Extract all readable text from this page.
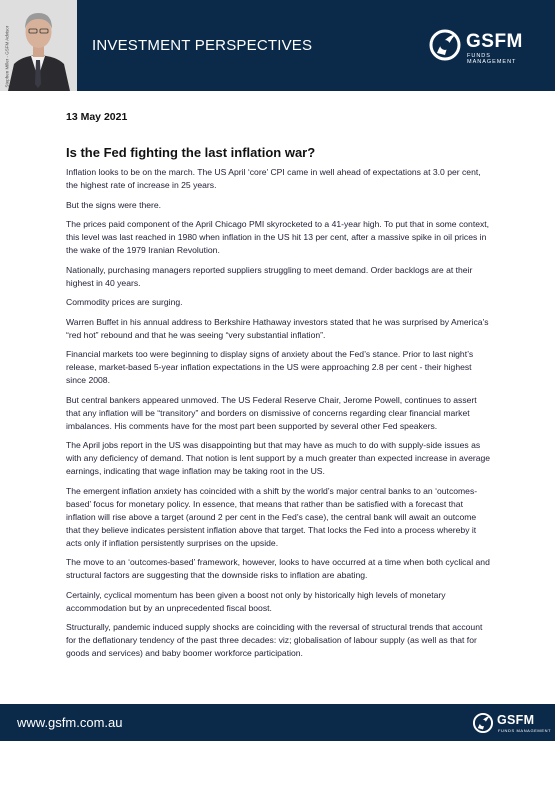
Stephen Miller - GSFM Advisor	INVESTMENT PERSPECTIVES	GSFM
FUNDS MANAGEMENT
13 May 2021
Is the Fed fighting the last inflation war?

Inflation looks to be on the march. The US April ‘core’ CPI came in well ahead of expectations at 3.0 per cent, the highest rate of increase in 25 years.

But the signs were there.

The prices paid component of the April Chicago PMI skyrocketed to a 41-year high. To put that in some context, this level was last reached in 1980 when inflation in the US hit 13 per cent, after a massive spike in oil prices in the wake of the 1979 Iranian Revolution.

Nationally, purchasing managers reported suppliers struggling to meet demand. Order backlogs are at their highest in 40 years.

Commodity prices are surging.

Warren Buffet in his annual address to Berkshire Hathaway investors stated that he was surprised by America’s “red hot” rebound and that he was seeing “very substantial inflation”.

Financial markets too were beginning to display signs of anxiety about the Fed’s stance. Prior to last night’s release, market-based 5-year inflation expectations in the US were approaching 2.8 per cent - their highest since 2008.

But central bankers appeared unmoved. The US Federal Reserve Chair, Jerome Powell, continues to assert that any inflation will be “transitory” and borders on dismissive of concerns regarding clear financial market imbalances. His comments have for the most part been supported by several other Fed speakers.

The April jobs report in the US was disappointing but that may have as much to do with supply-side issues as with any deficiency of demand. That notion is lent support by a much greater than expected increase in average earnings, indicating that wage inflation may be taking root in the US.

The emergent inflation anxiety has coincided with a shift by the world’s major central banks to an ‘outcomes-based’ focus for monetary policy. In essence, that means that rather than be satisfied with a forecast that inflation will rise above a target (around 2 per cent in the Fed’s case), the central bank will await an outcome that they believe indicates persistent inflation above that target. That locks the Fed into a process whereby it acts only if inflation persistently surprises on the upside.

The move to an ‘outcomes-based’ framework, however, looks to have occurred at a time when both cyclical and structural factors are suggesting that the downside risks to inflation are abating.

Certainly, cyclical momentum has been given a boost not only by historically high levels of monetary accommodation but by an unprecedented fiscal boost.

Structurally, pandemic induced supply shocks are coinciding with the reversal of structural trends that account for the deflationary tendency of the past three decades: viz; globalisation of labour supply (as well as that for goods and services) and baby boomer workforce participation.

www.gsfm.com.au	GSFM
FUNDS MANAGEMENT
